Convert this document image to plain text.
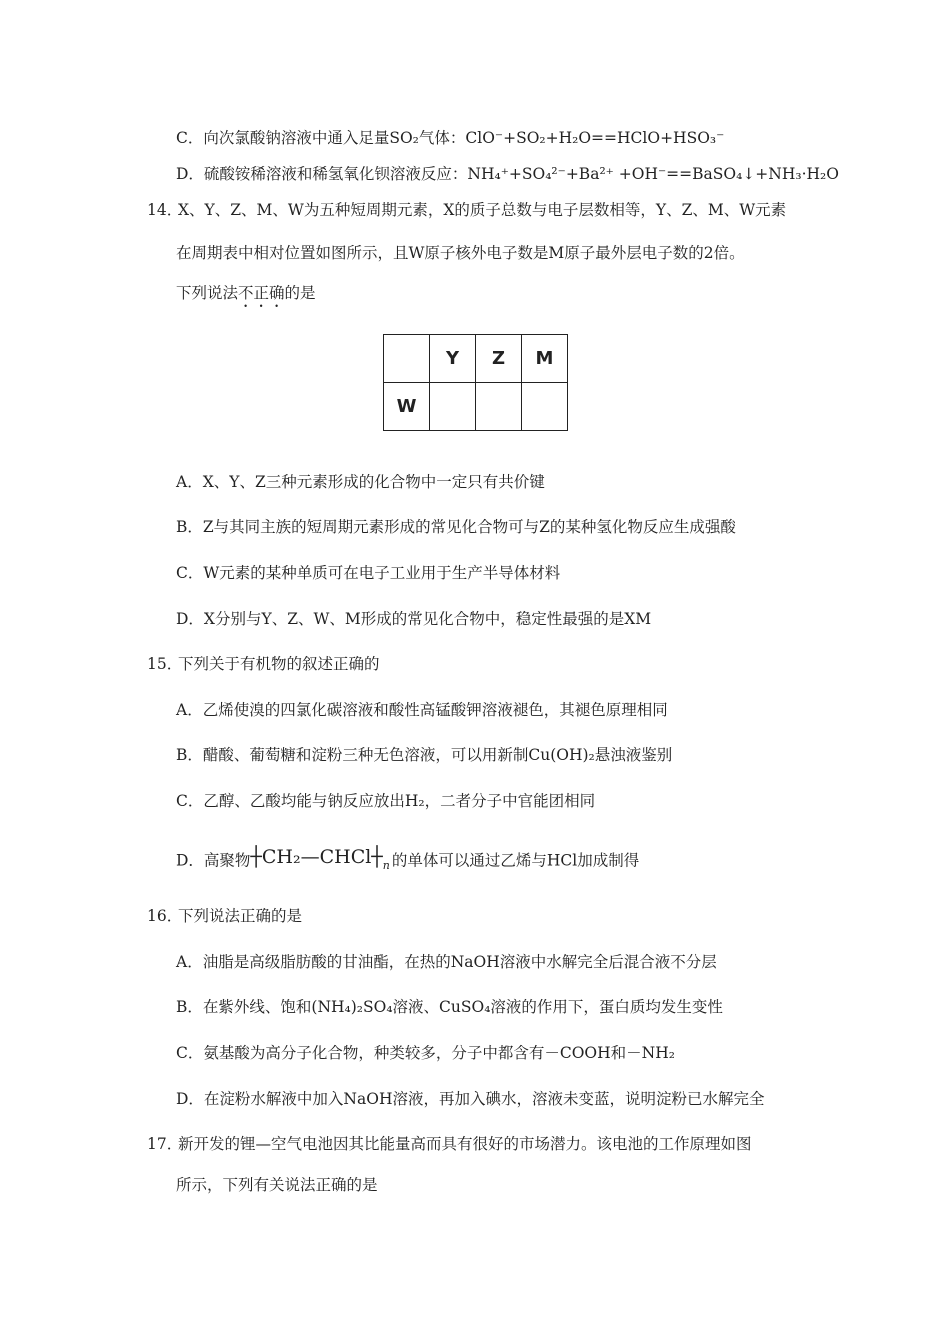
C．向次氯酸钠溶液中通入足量SO₂气体：ClO⁻+SO₂+H₂O==HClO+HSO₃⁻
D．硫酸铵稀溶液和稀氢氧化钡溶液反应：NH₄⁺+SO₄²⁻+Ba²⁺ +OH⁻==BaSO₄↓+NH₃·H₂O
14．
X、Y、Z、M、W为五种短周期元素，X的质子总数与电子层数相等，Y、Z、M、W元素
在周期表中相对位置如图所示，且W原子核外电子数是M原子最外层电子数的2倍。
下列说法不正确的是
	Y	Z	M
W			
A．X、Y、Z三种元素形成的化合物中一定只有共价键
B．Z与其同主族的短周期元素形成的常见化合物可与Z的某种氢化物反应生成强酸
C．W元素的某种单质可在电子工业用于生产半导体材料
D．X分别与Y、Z、W、M形成的常见化合物中，稳定性最强的是XM
15．
下列关于有机物的叙述正确的
A．乙烯使溴的四氯化碳溶液和酸性高锰酸钾溶液褪色，其褪色原理相同
B．醋酸、葡萄糖和淀粉三种无色溶液，可以用新制Cu(OH)₂悬浊液鉴别
C．乙醇、乙酸均能与钠反应放出H₂，二者分子中官能团相同
D．高聚物$┼CH_2—CHCl┼_n$ 的单体可以通过乙烯与HCl加成制得
16．
下列说法正确的是
A．油脂是高级脂肪酸的甘油酯，在热的NaOH溶液中水解完全后混合液不分层
B．在紫外线、饱和(NH₄)₂SO₄溶液、CuSO₄溶液的作用下，蛋白质均发生变性
C．氨基酸为高分子化合物，种类较多，分子中都含有－COOH和－NH₂
D．在淀粉水解液中加入NaOH溶液，再加入碘水，溶液未变蓝，说明淀粉已水解完全
17．
新开发的锂—空气电池因其比能量高而具有很好的市场潜力。该电池的工作原理如图
所示，下列有关说法正确的是
